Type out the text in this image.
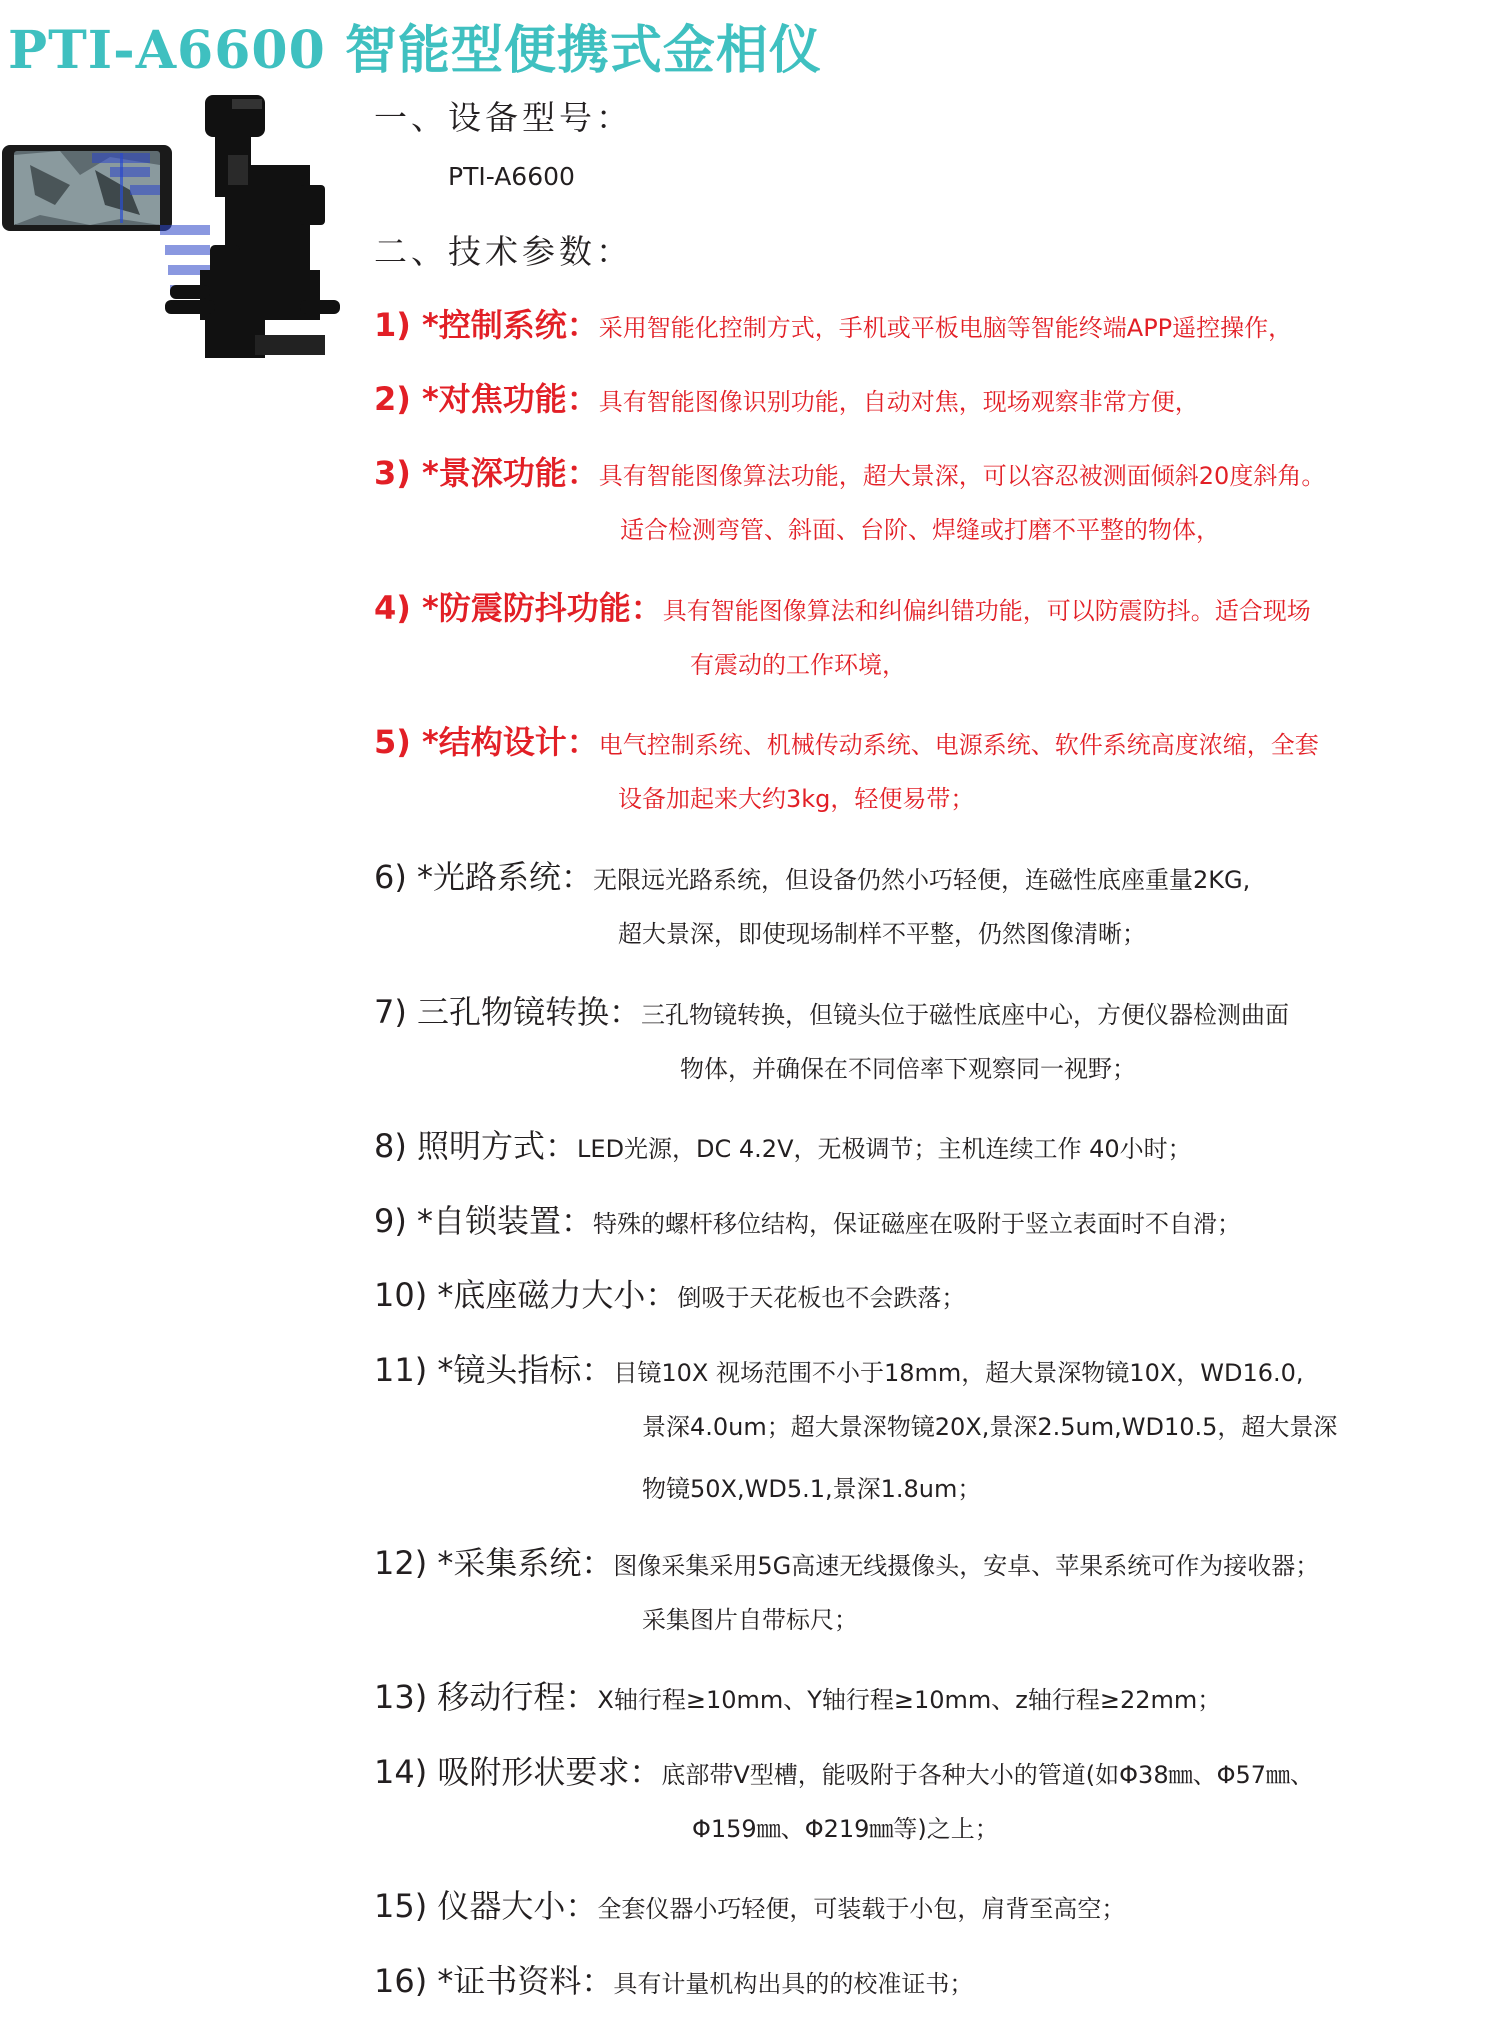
PTI-A6600 智能型便携式金相仪
一、设备型号：
PTI-A6600
二、技术参数：
1) *控制系统：采用智能化控制方式，手机或平板电脑等智能终端APP遥控操作，
2) *对焦功能：具有智能图像识别功能，自动对焦，现场观察非常方便，
3) *景深功能：具有智能图像算法功能，超大景深，可以容忍被测面倾斜20度斜角。
适合检测弯管、斜面、台阶、焊缝或打磨不平整的物体，
4) *防震防抖功能：具有智能图像算法和纠偏纠错功能，可以防震防抖。适合现场
有震动的工作环境，
5) *结构设计：电气控制系统、机械传动系统、电源系统、软件系统高度浓缩，全套
设备加起来大约3kg，轻便易带；
6) *光路系统：无限远光路系统，但设备仍然小巧轻便，连磁性底座重量2KG,
超大景深，即使现场制样不平整，仍然图像清晰；
7) 三孔物镜转换：三孔物镜转换，但镜头位于磁性底座中心，方便仪器检测曲面
物体，并确保在不同倍率下观察同一视野；
8) 照明方式：LED光源，DC 4.2V，无极调节；主机连续工作 40小时；
9) *自锁装置：特殊的螺杆移位结构，保证磁座在吸附于竖立表面时不自滑；
10) *底座磁力大小：倒吸于天花板也不会跌落；
11) *镜头指标：目镜10X 视场范围不小于18mm，超大景深物镜10X，WD16.0,
景深4.0um；超大景深物镜20X,景深2.5um,WD10.5，超大景深
物镜50X,WD5.1,景深1.8um；
12) *采集系统：图像采集采用5G高速无线摄像头，安卓、苹果系统可作为接收器；
采集图片自带标尺；
13) 移动行程：X轴行程≥10mm、Y轴行程≥10mm、z轴行程≥22mm；
14) 吸附形状要求：底部带V型槽，能吸附于各种大小的管道(如Φ38㎜、Φ57㎜、
Φ159㎜、Φ219㎜等)之上；
15) 仪器大小：全套仪器小巧轻便，可装载于小包，肩背至高空；
16) *证书资料：具有计量机构出具的的校准证书；
